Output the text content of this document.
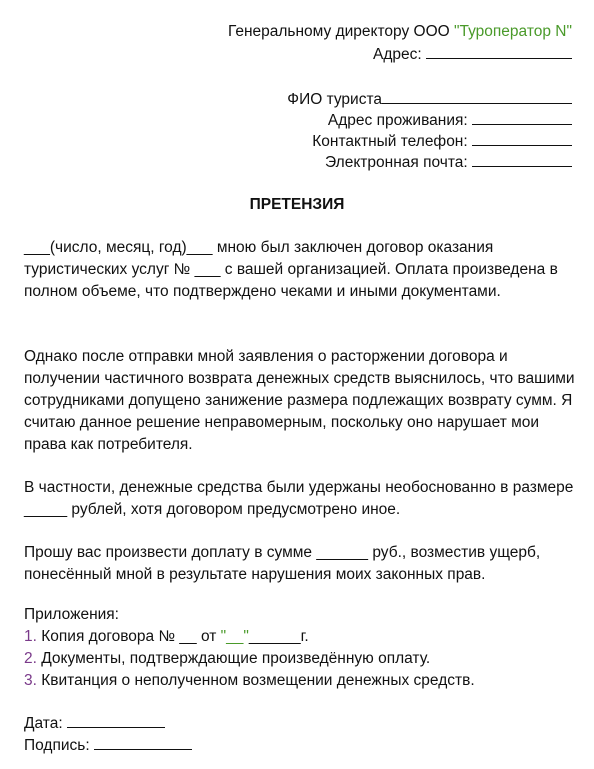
Генеральному директору ООО "Туроператор N"
Адрес:
ФИО туриста
Адрес проживания:
Контактный телефон:
Электронная почта:
ПРЕТЕНЗИЯ

___(число, месяц, год)___ мною был заключен договор оказания туристических услуг № ___ с вашей организацией. Оплата произведена в полном объеме, что подтверждено чеками и иными документами.

Однако после отправки мной заявления о расторжении договора и получении частичного возврата денежных средств выяснилось, что вашими сотрудниками допущено занижение размера подлежащих возврату сумм. Я считаю данное решение неправомерным, поскольку оно нарушает мои права как потребителя.

В частности, денежные средства были удержаны необоснованно в размере _____ рублей, хотя договором предусмотрено иное.

Прошу вас произвести доплату в сумме ______ руб., возместив ущерб, понесённый мной в результате нарушения моих законных прав.

Приложения:
1. Копия договора № __ от "__"______г.
2. Документы, подтверждающие произведённую оплату.
3. Квитанция о неполученном возмещении денежных средств.
Дата:
Подпись:
